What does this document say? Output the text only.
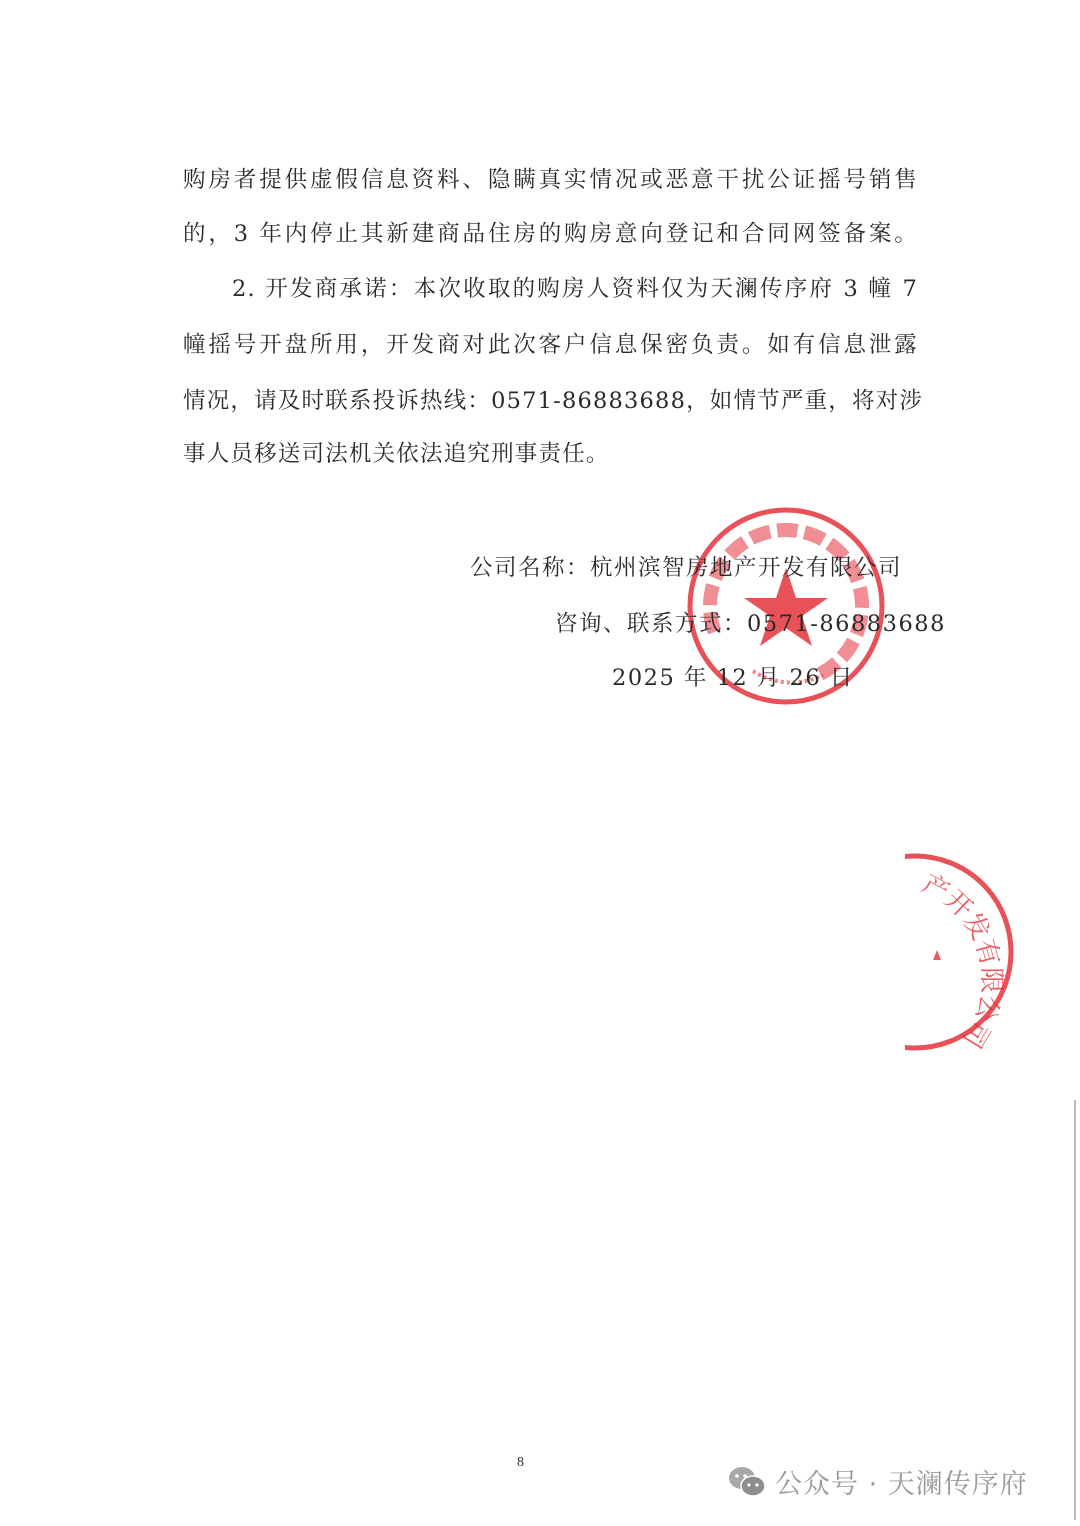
购房者提供虚假信息资料、隐瞒真实情况或恶意干扰公证摇号销售
的，3 年内停止其新建商品住房的购房意向登记和合同网签备案。
2. 开发商承诺：本次收取的购房人资料仅为天澜传序府 3 幢 7
幢摇号开盘所用，开发商对此次客户信息保密负责。如有信息泄露
情况，请及时联系投诉热线：0571-86883688，如情节严重，将对涉
事人员移送司法机关依法追究刑事责任。
公司名称：杭州滨智房地产开发有限公司
咨询、联系方式：0571-86883688
2025 年 12 月 26 日
产开发有限公司
8
公众号 · 天澜传序府
